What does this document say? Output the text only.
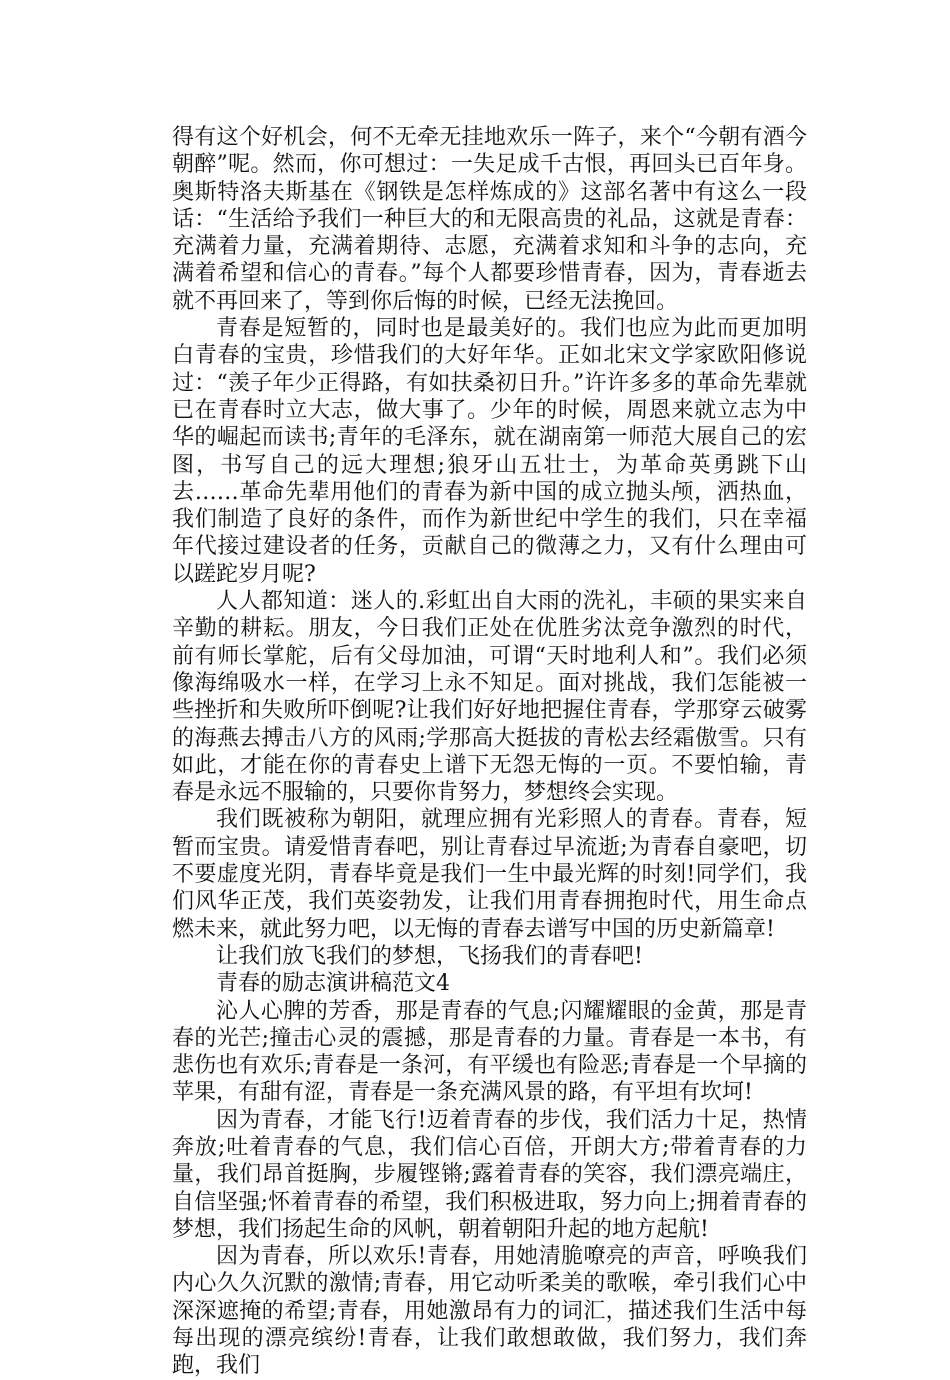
得有这个好机会，何不无牵无挂地欢乐一阵子，来个“今朝有酒今朝醉”呢。然而，你可想过：一失足成千古恨，再回头已百年身。奥斯特洛夫斯基在《钢铁是怎样炼成的》这部名著中有这么一段话：“生活给予我们一种巨大的和无限高贵的礼品，这就是青春：充满着力量，充满着期待、志愿，充满着求知和斗争的志向，充满着希望和信心的青春。”每个人都要珍惜青春，因为，青春逝去就不再回来了，等到你后悔的时候，已经无法挽回。

青春是短暂的，同时也是最美好的。我们也应为此而更加明白青春的宝贵，珍惜我们的大好年华。正如北宋文学家欧阳修说过：“羡子年少正得路，有如扶桑初日升。”许许多多的革命先辈就已在青春时立大志，做大事了。少年的时候，周恩来就立志为中华的崛起而读书;青年的毛泽东，就在湖南第一师范大展自己的宏图，书写自己的远大理想;狼牙山五壮士，为革命英勇跳下山去……革命先辈用他们的青春为新中国的成立抛头颅，洒热血，我们制造了良好的条件，而作为新世纪中学生的我们，只在幸福年代接过建设者的任务，贡献自己的微薄之力，又有什么理由可以蹉跎岁月呢?

人人都知道：迷人的.彩虹出自大雨的洗礼，丰硕的果实来自辛勤的耕耘。朋友，今日我们正处在优胜劣汰竞争激烈的时代，前有师长掌舵，后有父母加油，可谓“天时地利人和”。我们必须像海绵吸水一样，在学习上永不知足。面对挑战，我们怎能被一些挫折和失败所吓倒呢?让我们好好地把握住青春，学那穿云破雾的海燕去搏击八方的风雨;学那高大挺拔的青松去经霜傲雪。只有如此，才能在你的青春史上谱下无怨无悔的一页。不要怕输，青春是永远不服输的，只要你肯努力，梦想终会实现。

我们既被称为朝阳，就理应拥有光彩照人的青春。青春，短暂而宝贵。请爱惜青春吧，别让青春过早流逝;为青春自豪吧，切不要虚度光阴，青春毕竟是我们一生中最光辉的时刻!同学们，我们风华正茂，我们英姿勃发，让我们用青春拥抱时代，用生命点燃未来，就此努力吧，以无悔的青春去谱写中国的历史新篇章!

让我们放飞我们的梦想，飞扬我们的青春吧!

青春的励志演讲稿范文4

沁人心脾的芳香，那是青春的气息;闪耀耀眼的金黄，那是青春的光芒;撞击心灵的震撼，那是青春的力量。青春是一本书，有悲伤也有欢乐;青春是一条河，有平缓也有险恶;青春是一个早摘的苹果，有甜有涩，青春是一条充满风景的路，有平坦有坎坷!

因为青春，才能飞行!迈着青春的步伐，我们活力十足，热情奔放;吐着青春的气息，我们信心百倍，开朗大方;带着青春的力量，我们昂首挺胸，步履铿锵;露着青春的笑容，我们漂亮端庄，自信坚强;怀着青春的希望，我们积极进取，努力向上;拥着青春的梦想，我们扬起生命的风帆，朝着朝阳升起的地方起航!

因为青春，所以欢乐!青春，用她清脆嘹亮的声音，呼唤我们内心久久沉默的激情;青春，用它动听柔美的歌喉，牵引我们心中深深遮掩的希望;青春，用她激昂有力的词汇，描述我们生活中每每出现的漂亮缤纷!青春，让我们敢想敢做，我们努力，我们奔跑，我们
